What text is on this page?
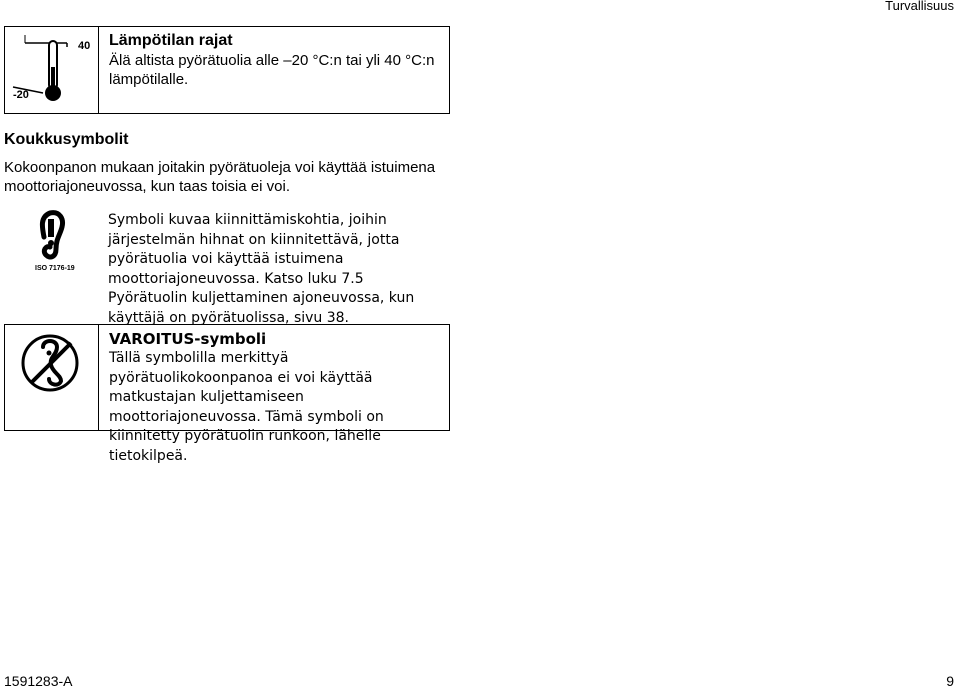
Turvallisuus
40
-20
Lämpötilan rajat
Älä altista pyörätuolia alle –20 °C:n tai yli 40 °C:n lämpötilalle.
Koukkusymbolit
Kokoonpanon mukaan joitakin pyörätuoleja voi käyttää istuimena moottoriajoneuvossa, kun taas toisia ei voi.
ISO 7176-19
Symboli kuvaa kiinnittämiskohtia, joihin järjestelmän hihnat on kiinnitettävä, jotta pyörätuolia voi käyttää istuimena moottoriajoneuvossa. Katso luku 7.5 Pyörätuolin kuljettaminen ajoneuvossa, kun käyttäjä on pyörätuolissa, sivu 38.
VAROITUS-symboli
Tällä symbolilla merkittyä pyörätuolikokoonpanoa ei voi käyttää matkustajan kuljettamiseen moottoriajoneuvossa. Tämä symboli on kiinnitetty pyörätuolin runkoon, lähelle tietokilpeä.
1591283-A	9
